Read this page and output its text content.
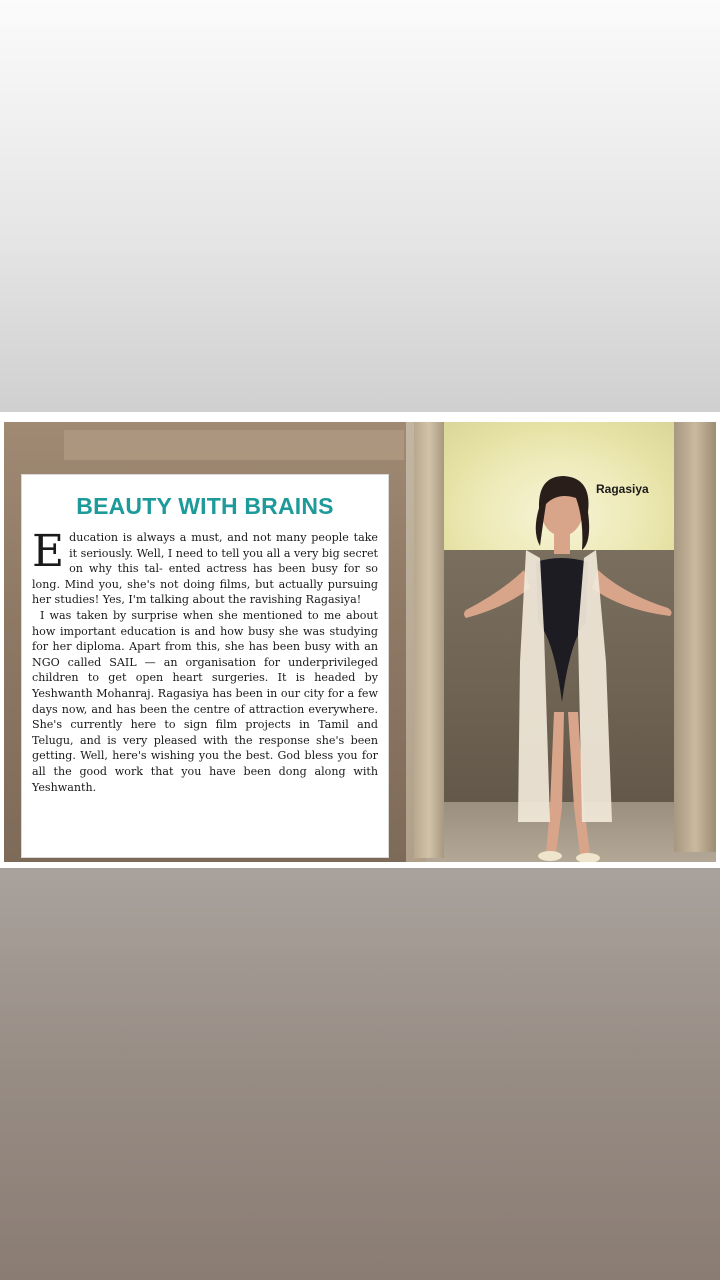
BEAUTY WITH BRAINS

Education is always a must, and not many people take it seriously. Well, I need to tell you all a very big secret on why this tal- ented actress has been busy for so long. Mind you, she's not doing films, but actually pursuing her studies! Yes, I'm talking about the ravishing Ragasiya!

I was taken by surprise when she mentioned to me about how important education is and how busy she was studying for her diploma. Apart from this, she has been busy with an NGO called SAIL — an organisation for underprivileged children to get open heart surgeries. It is headed by Yeshwanth Mohanraj. Ragasiya has been in our city for a few days now, and has been the centre of attraction everywhere. She's currently here to sign film projects in Tamil and Telugu, and is very pleased with the response she's been getting. Well, here's wishing you the best. God bless you for all the good work that you have been dong along with Yeshwanth.

Ragasiya
